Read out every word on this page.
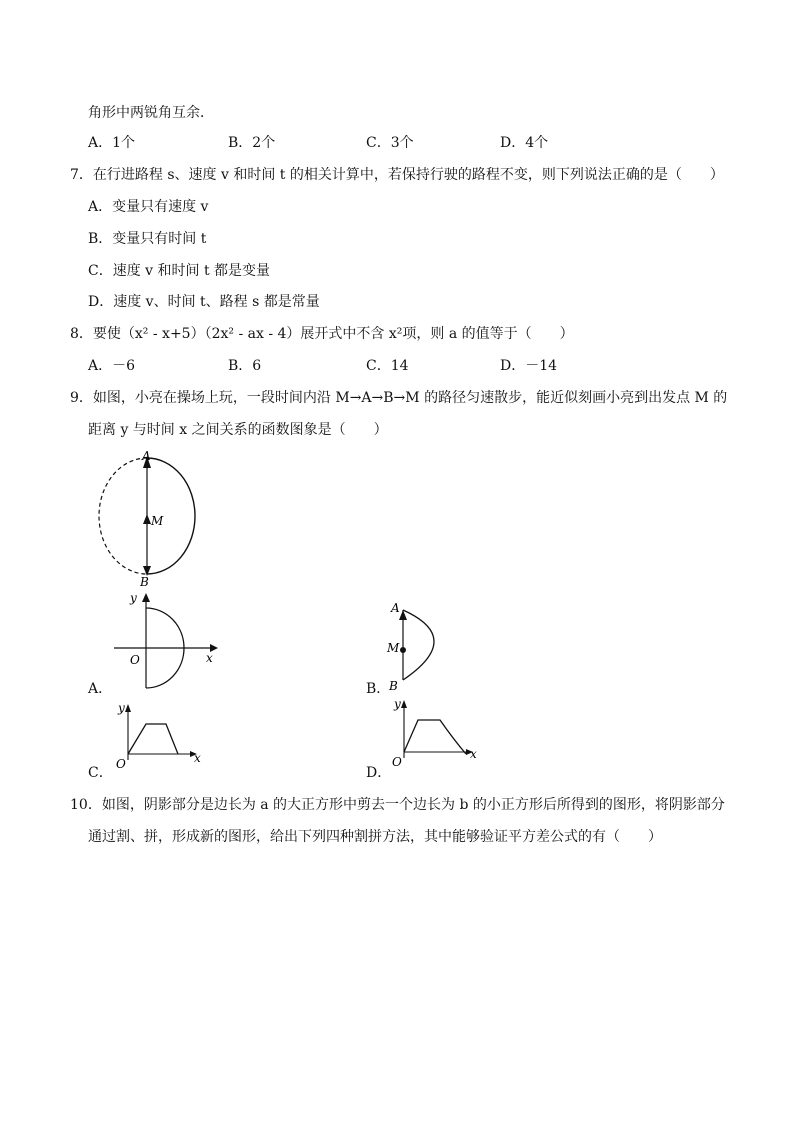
角形中两锐角互余．
A．1个	B．2个	C．3个	D．4个
7．在行进路程 s、速度 v 和时间 t 的相关计算中，若保持行驶的路程不变，则下列说法正确的是（　　）
A．变量只有速度 v
B．变量只有时间 t
C．速度 v 和时间 t 都是变量
D．速度 v、时间 t、路程 s 都是常量
8．要使（x² - x+5）（2x² - ax - 4）展开式中不含 x²项，则 a 的值等于（　　）
A．－6	B．6	C．14	D．－14
9．如图，小亮在操场上玩，一段时间内沿 M→A→B→M 的路径匀速散步，能近似刻画小亮到出发点 M 的
距离 y 与时间 x 之间关系的函数图象是（　　）
A
M
B
y
x
O
A．
A
M
B
B．
y
x
O
C．
y
x
O
D．
10．如图，阴影部分是边长为 a 的大正方形中剪去一个边长为 b 的小正方形后所得到的图形，将阴影部分
通过割、拼，形成新的图形，给出下列四种割拼方法，其中能够验证平方差公式的有（　　）
